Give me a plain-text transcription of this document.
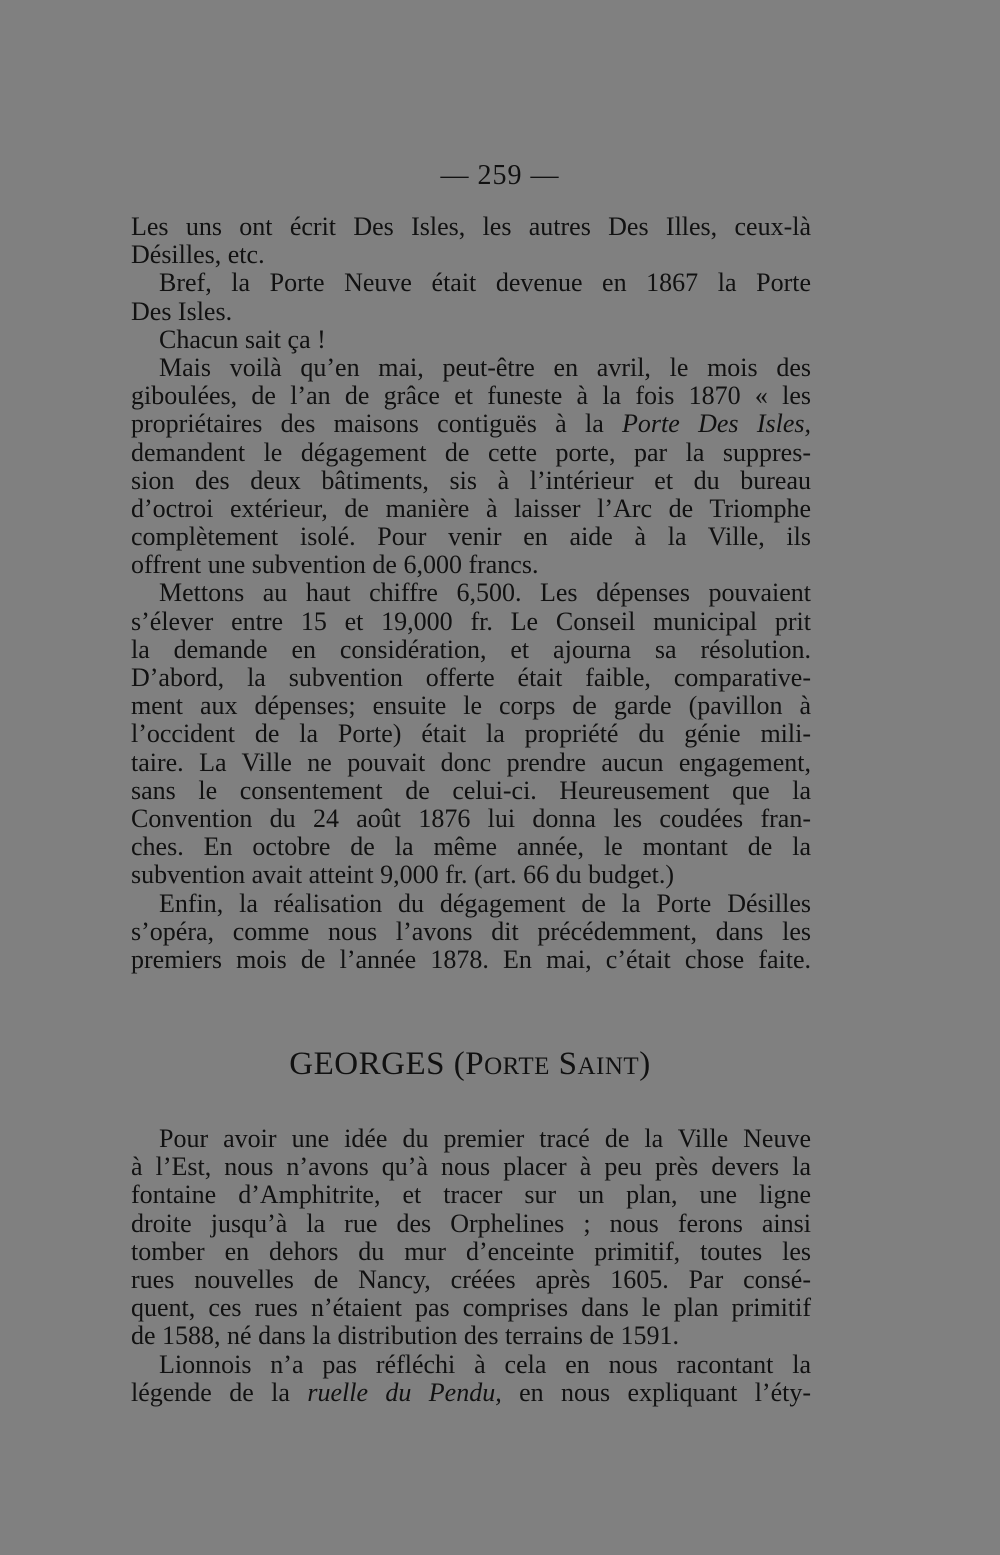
— 259 —
Les uns ont écrit Des Isles, les autres Des Illes, ceux-là
Désilles, etc.
Bref, la Porte Neuve était devenue en 1867 la Porte
Des Isles.
Chacun sait ça !
Mais voilà qu’en mai, peut-être en avril, le mois des
giboulées, de l’an de grâce et funeste à la fois 1870 « les
propriétaires des maisons contiguës à la Porte Des Isles,
demandent le dégagement de cette porte, par la suppres-
sion des deux bâtiments, sis à l’intérieur et du bureau
d’octroi extérieur, de manière à laisser l’Arc de Triomphe
complètement isolé. Pour venir en aide à la Ville, ils
offrent une subvention de 6,000 francs.
Mettons au haut chiffre 6,500. Les dépenses pouvaient
s’élever entre 15 et 19,000 fr. Le Conseil municipal prit
la demande en considération, et ajourna sa résolution.
D’abord, la subvention offerte était faible, comparative-
ment aux dépenses; ensuite le corps de garde (pavillon à
l’occident de la Porte) était la propriété du génie mili-
taire. La Ville ne pouvait donc prendre aucun engagement,
sans le consentement de celui-ci. Heureusement que la
Convention du 24 août 1876 lui donna les coudées fran-
ches. En octobre de la même année, le montant de la
subvention avait atteint 9,000 fr. (art. 66 du budget.)
Enfin, la réalisation du dégagement de la Porte Désilles
s’opéra, comme nous l’avons dit précédemment, dans les
premiers mois de l’année 1878. En mai, c’était chose faite.
GEORGES (PORTE SAINT)
Pour avoir une idée du premier tracé de la Ville Neuve
à l’Est, nous n’avons qu’à nous placer à peu près devers la
fontaine d’Amphitrite, et tracer sur un plan, une ligne
droite jusqu’à la rue des Orphelines ; nous ferons ainsi
tomber en dehors du mur d’enceinte primitif, toutes les
rues nouvelles de Nancy, créées après 1605. Par consé-
quent, ces rues n’étaient pas comprises dans le plan primitif
de 1588, né dans la distribution des terrains de 1591.
Lionnois n’a pas réfléchi à cela en nous racontant la
légende de la ruelle du Pendu, en nous expliquant l’éty-
